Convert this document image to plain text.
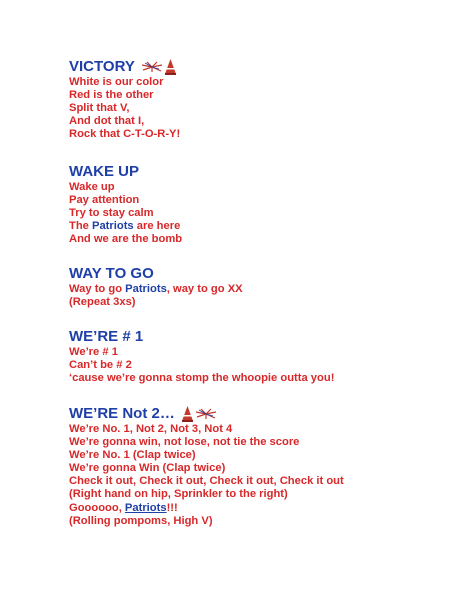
VICTORY
White is our color
Red is the other
Split that V,
And dot that I,
Rock that C-T-O-R-Y!
WAKE UP
Wake up
Pay attention
Try to stay calm
The Patriots are here
And we are the bomb
WAY TO GO
Way to go Patriots, way to go XX
(Repeat 3xs)
WE’RE # 1
We’re # 1
Can’t be # 2
‘cause we’re gonna stomp the whoopie outta you!
WE’RE Not 2…
We’re No. 1, Not 2, Not 3, Not 4
We’re gonna win, not lose, not tie the score
We’re No. 1 (Clap twice)
We’re gonna Win (Clap twice)
Check it out, Check it out, Check it out, Check it out
(Right hand on hip, Sprinkler to the right)
Goooooo, Patriots!!!
(Rolling pompoms, High V)
